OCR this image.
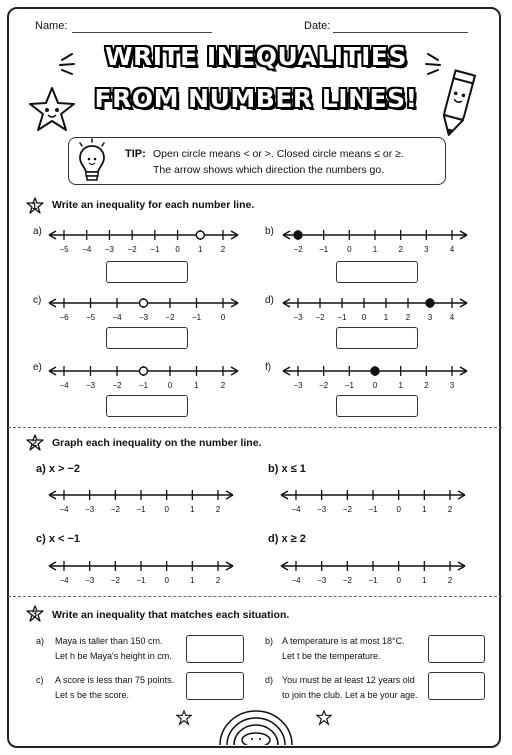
Name:	Date:
WRITE INEQUALITIES
FROM NUMBER LINES!
TIP: Open circle means < or >. Closed circle means ≤ or ≥.
The arrow shows which direction the numbers go.
1 Write an inequality for each number line.
2 Graph each inequality on the number line.
3 Write an inequality that matches each situation.
a) Maya is taller than 150 cm.
Let h be Maya's height in cm.
b) A temperature is at most 18°C.
Let t be the temperature.
c) A score is less than 75 points.
Let s be the score.
d) You must be at least 12 years old
to join the club. Let a be your age.
a)
−5 −4 −3 −2 −1 0 1 2
b)
−2 −1 0	1	2	3	4
c)
−6 −5 −4 −3 −2 −1 0
d)
−3 −2 −1 0 1 2 3 4
e)
−4 −3 −2 −1 0	1	2
f)
−3 −2 −1 0	1	2	3
a) x > −2
−4 −3 −2 −1 0	1	2
b) x ≤ 1
−4 −3 −2 −1 0	1	2
c) x < −1
−4 −3 −2 −1 0	1	2
d) x ≥ 2
−4 −3 −2 −1 0	1	2
